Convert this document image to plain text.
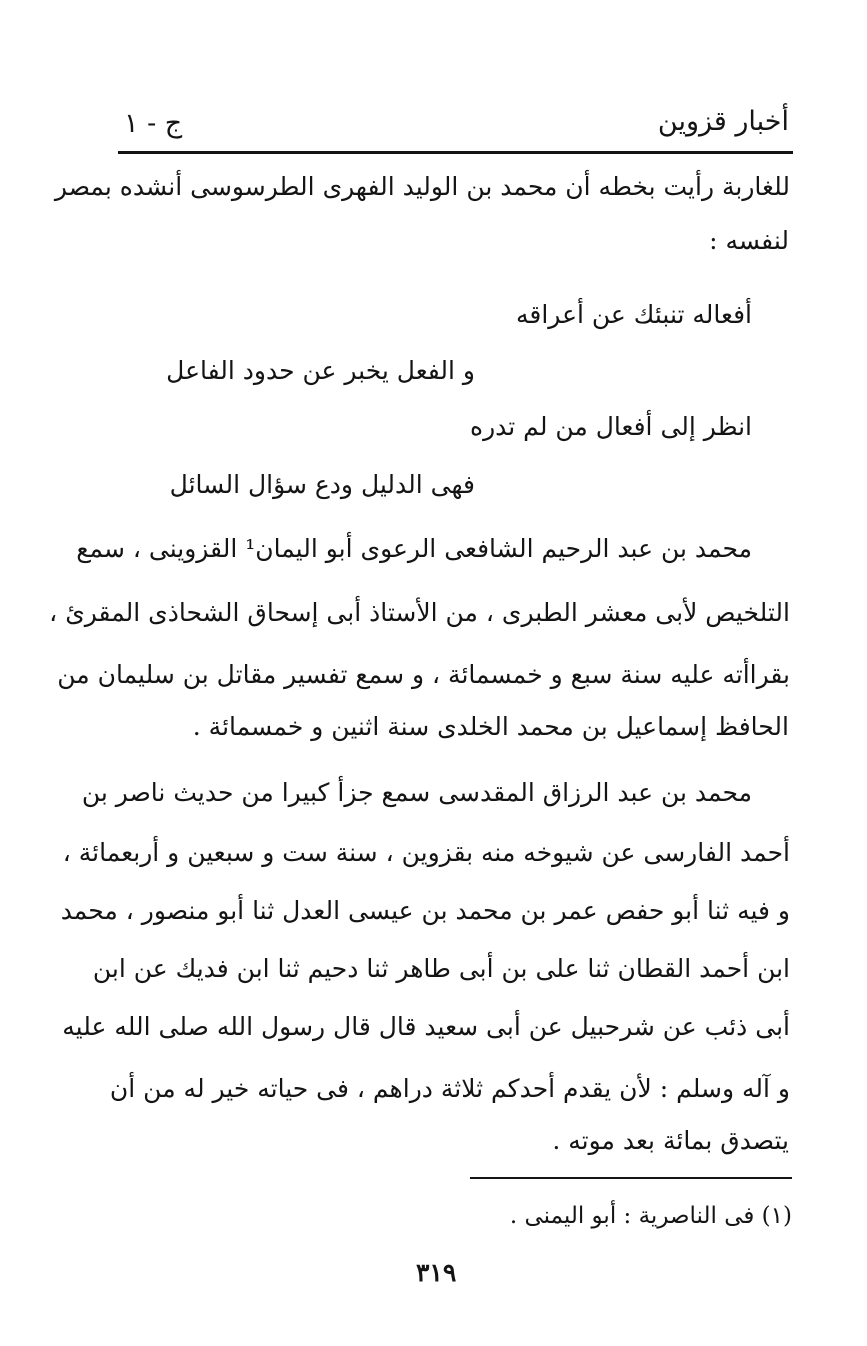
أخبار قزوين
ج - ١
للغاربة رأيت بخطه أن محمد بن الوليد الفهرى الطرسوسى أنشده بمصر
لنفسه :
أفعاله تنبئك عن أعراقه
و الفعل يخبر عن حدود الفاعل
انظر إلى أفعال من لم تدره
فهى الدليل ودع سؤال السائل
محمد بن عبد الرحيم الشافعى الرعوى أبو اليمان¹ القزوينى ، سمع
التلخيص لأبى معشر الطبرى ، من الأستاذ أبى إسحاق الشحاذى المقرئ ،
بقراأته عليه سنة سبع و خمسمائة ، و سمع تفسير مقاتل بن سليمان من
الحافظ إسماعيل بن محمد الخلدى سنة اثنين و خمسمائة .
محمد بن عبد الرزاق المقدسى سمع جزأ كبيرا من حديث ناصر بن
أحمد الفارسى عن شيوخه منه بقزوين ، سنة ست و سبعين و أربعمائة ،
و فيه ثنا أبو حفص عمر بن محمد بن عيسى العدل ثنا أبو منصور ، محمد
ابن أحمد القطان ثنا على بن أبى طاهر ثنا دحيم ثنا ابن فديك عن ابن
أبى ذئب عن شرحبيل عن أبى سعيد قال قال رسول الله صلى الله عليه
و آله وسلم : لأن يقدم أحدكم ثلاثة دراهم ، فى حياته خير له من أن
يتصدق بمائة بعد موته .
(١) فى الناصرية : أبو اليمنى .
٣١٩
